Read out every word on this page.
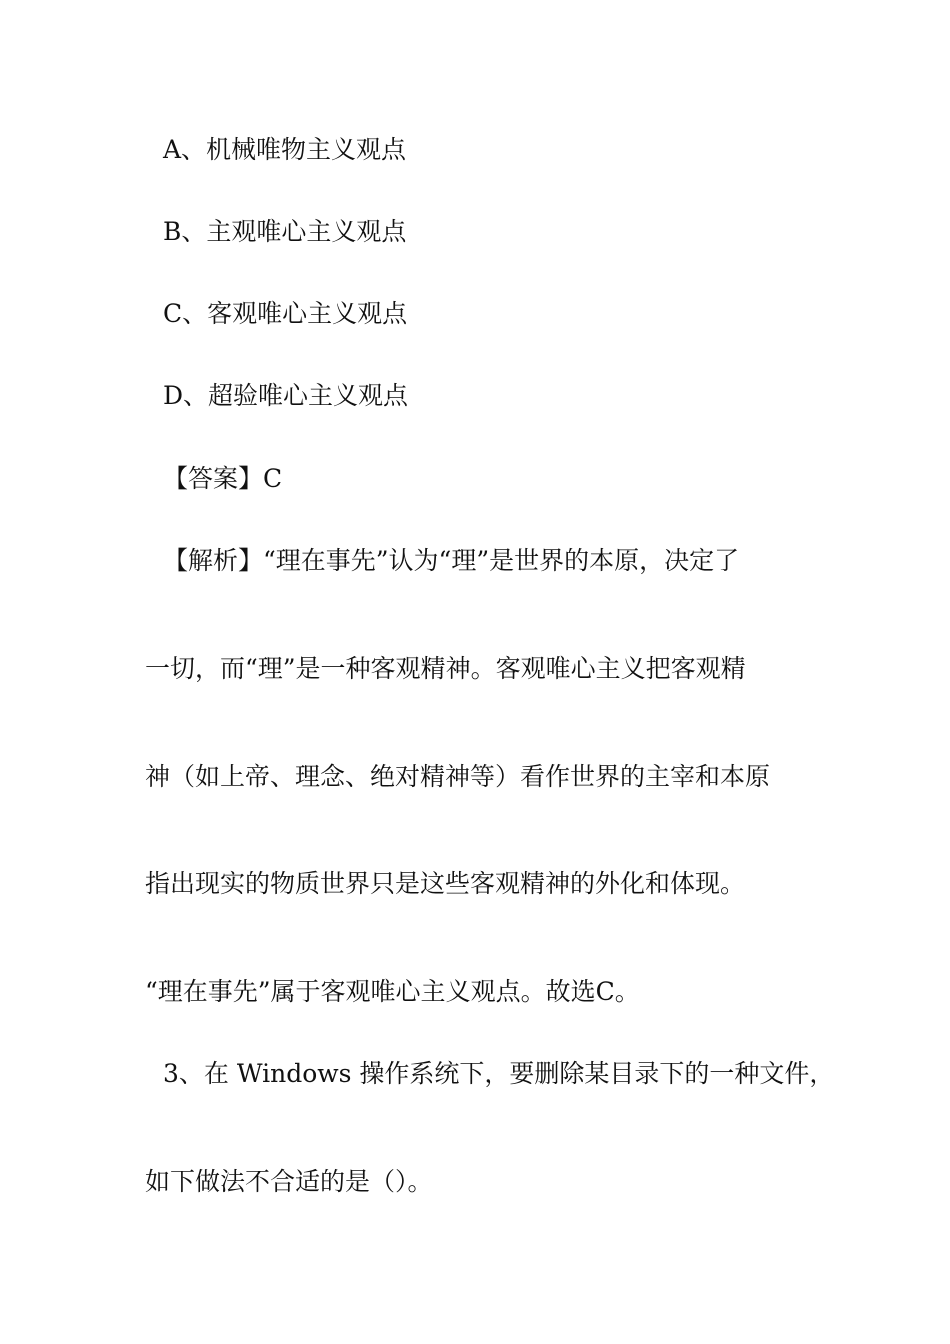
A、机械唯物主义观点
B、主观唯心主义观点
C、客观唯心主义观点
D、超验唯心主义观点
【答案】C
【解析】“理在事先”认为“理”是世界的本原，决定了
一切，而“理”是一种客观精神。客观唯心主义把客观精
神（如上帝、理念、绝对精神等）看作世界的主宰和本原
指出现实的物质世界只是这些客观精神的外化和体现。
“理在事先”属于客观唯心主义观点。故选C。
3、在 Windows 操作系统下，要删除某目录下的一种文件，
如下做法不合适的是（）。
